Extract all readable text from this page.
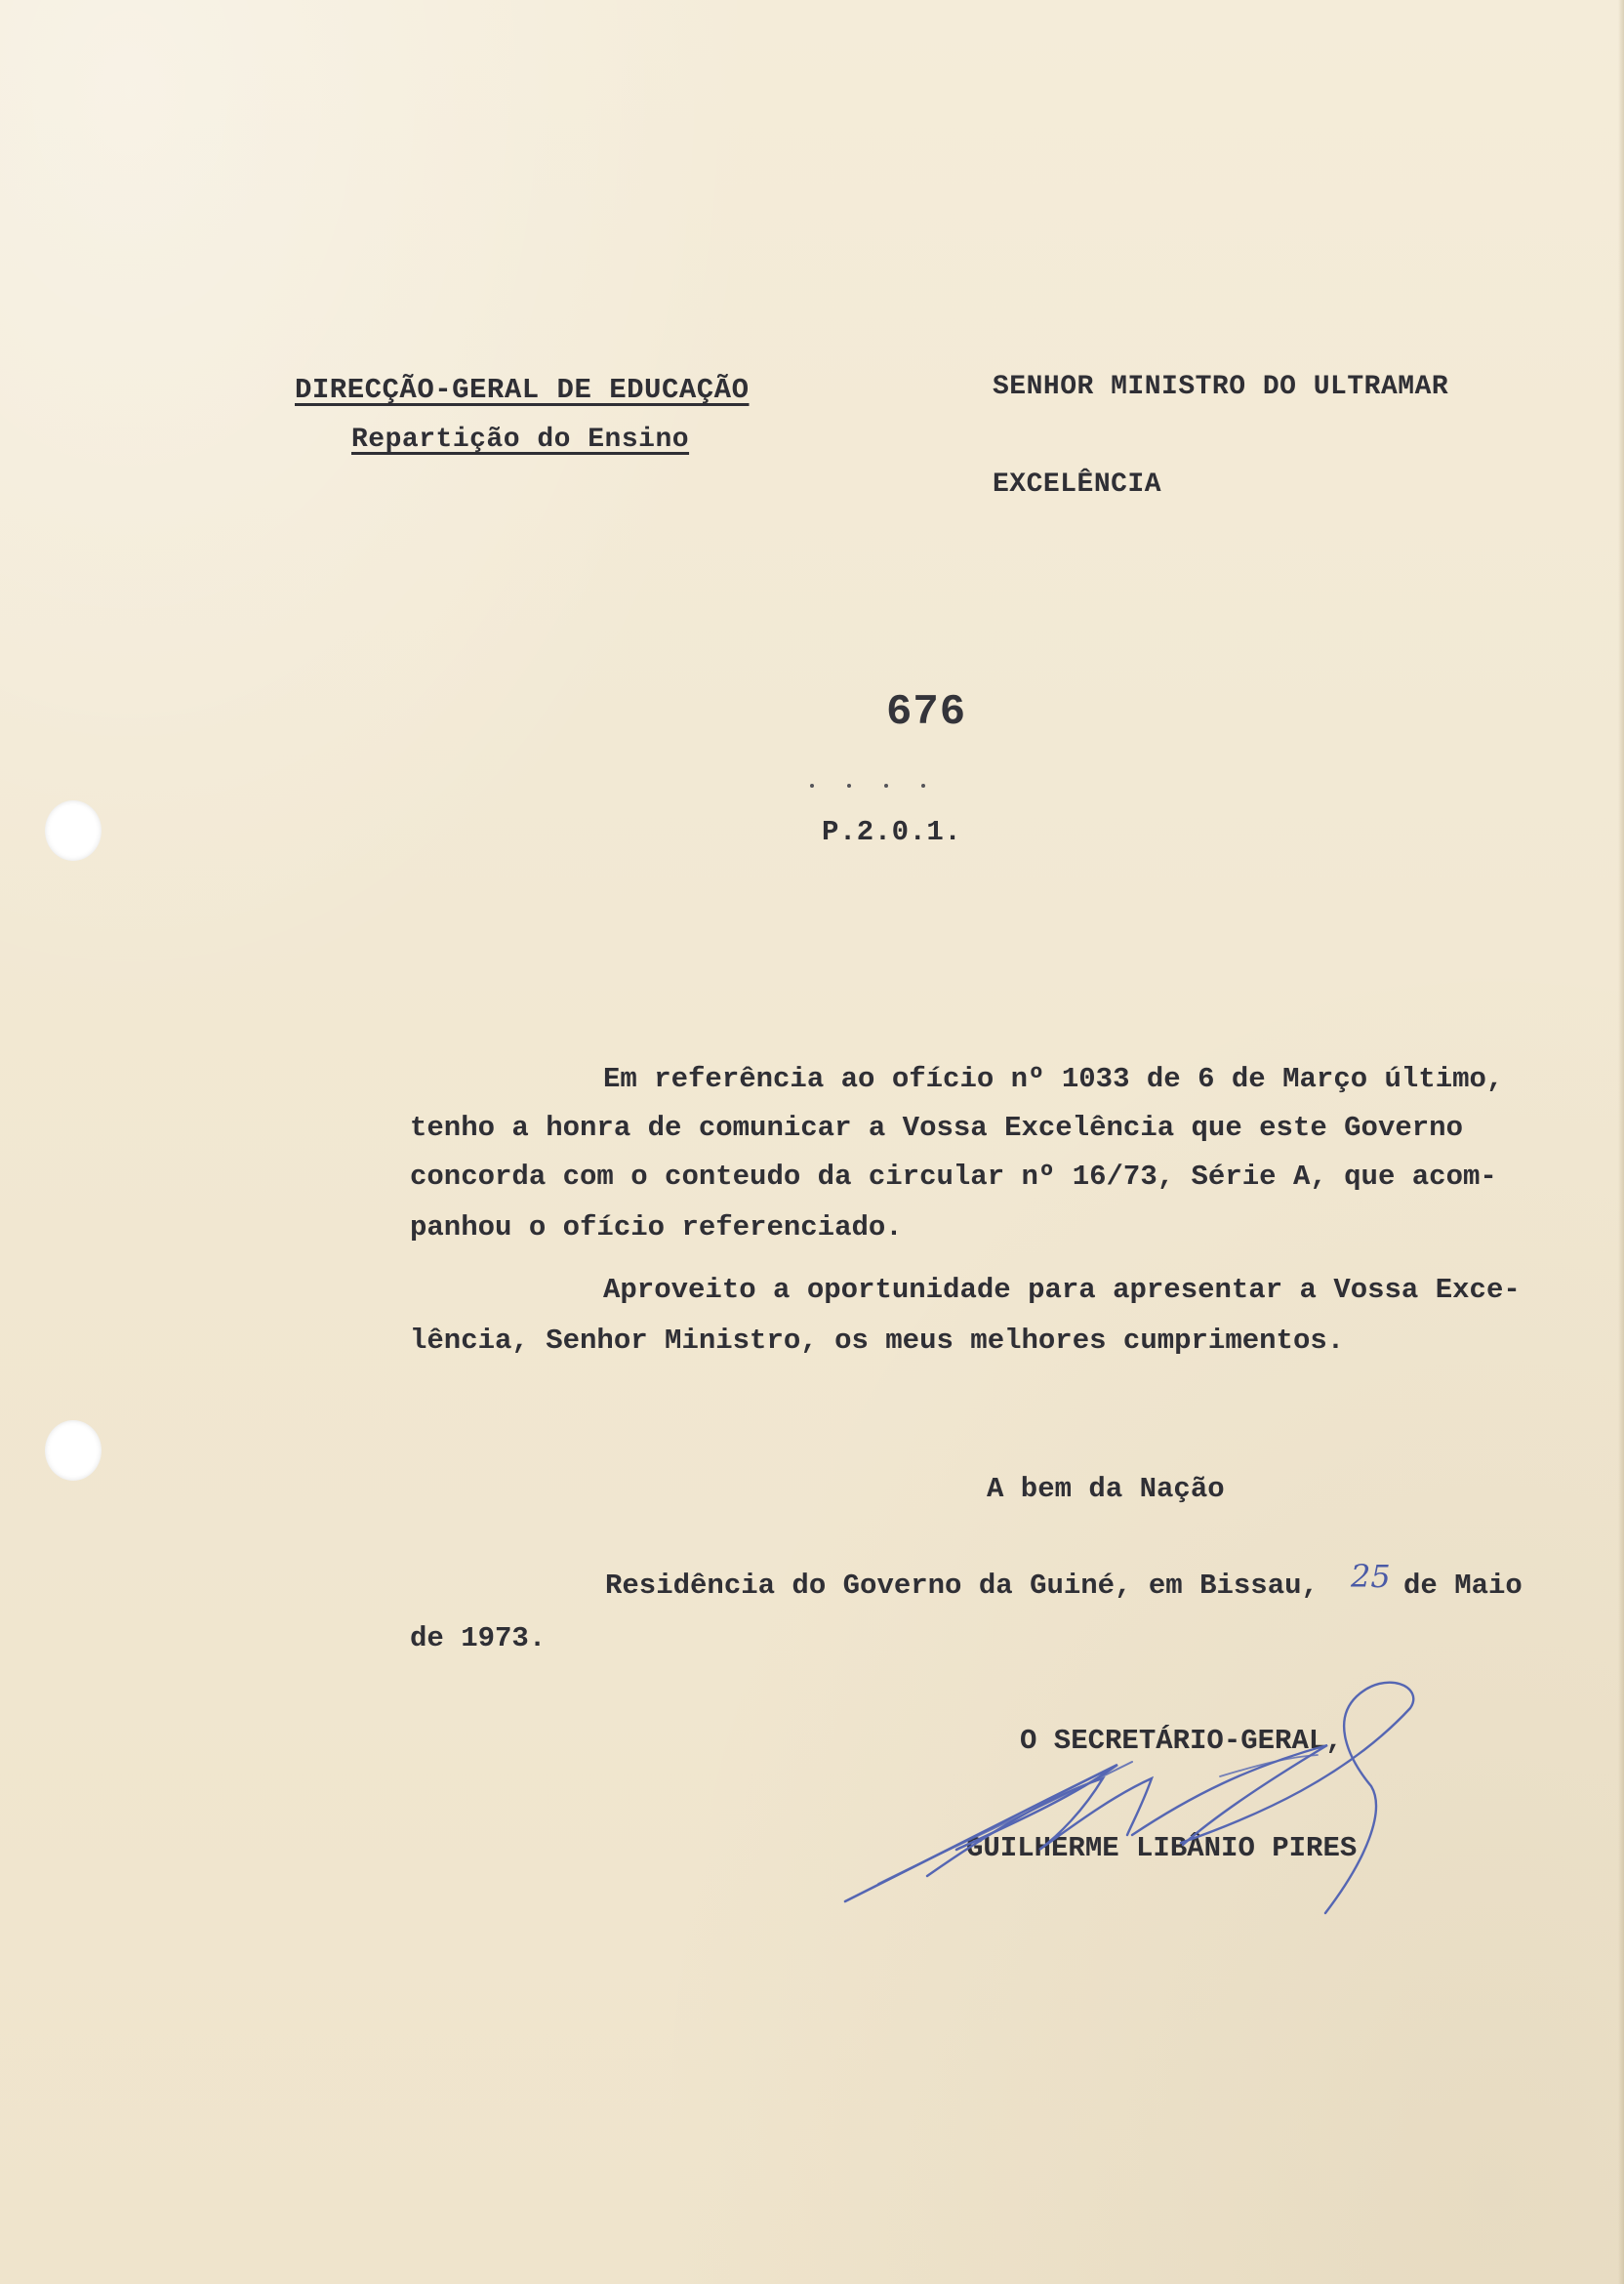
DIRECÇÃO-GERAL DE EDUCAÇÃO
Repartição do Ensino
SENHOR MINISTRO DO ULTRAMAR
EXCELÊNCIA
676
P.2.0.1.
Em referência ao ofício nº 1033 de 6 de Março último,
tenho a honra de comunicar a Vossa Excelência que este Governo
concorda com o conteudo da circular nº 16/73, Série A, que acom-
panhou o ofício referenciado.
Aproveito a oportunidade para apresentar a Vossa Exce-
lência, Senhor Ministro, os meus melhores cumprimentos.
A bem da Nação
Residência do Governo da Guiné, em Bissau, 25 de Maio
de 1973.
O SECRETÁRIO-GERAL,
GUILHERME LIBÂNIO PIRES
